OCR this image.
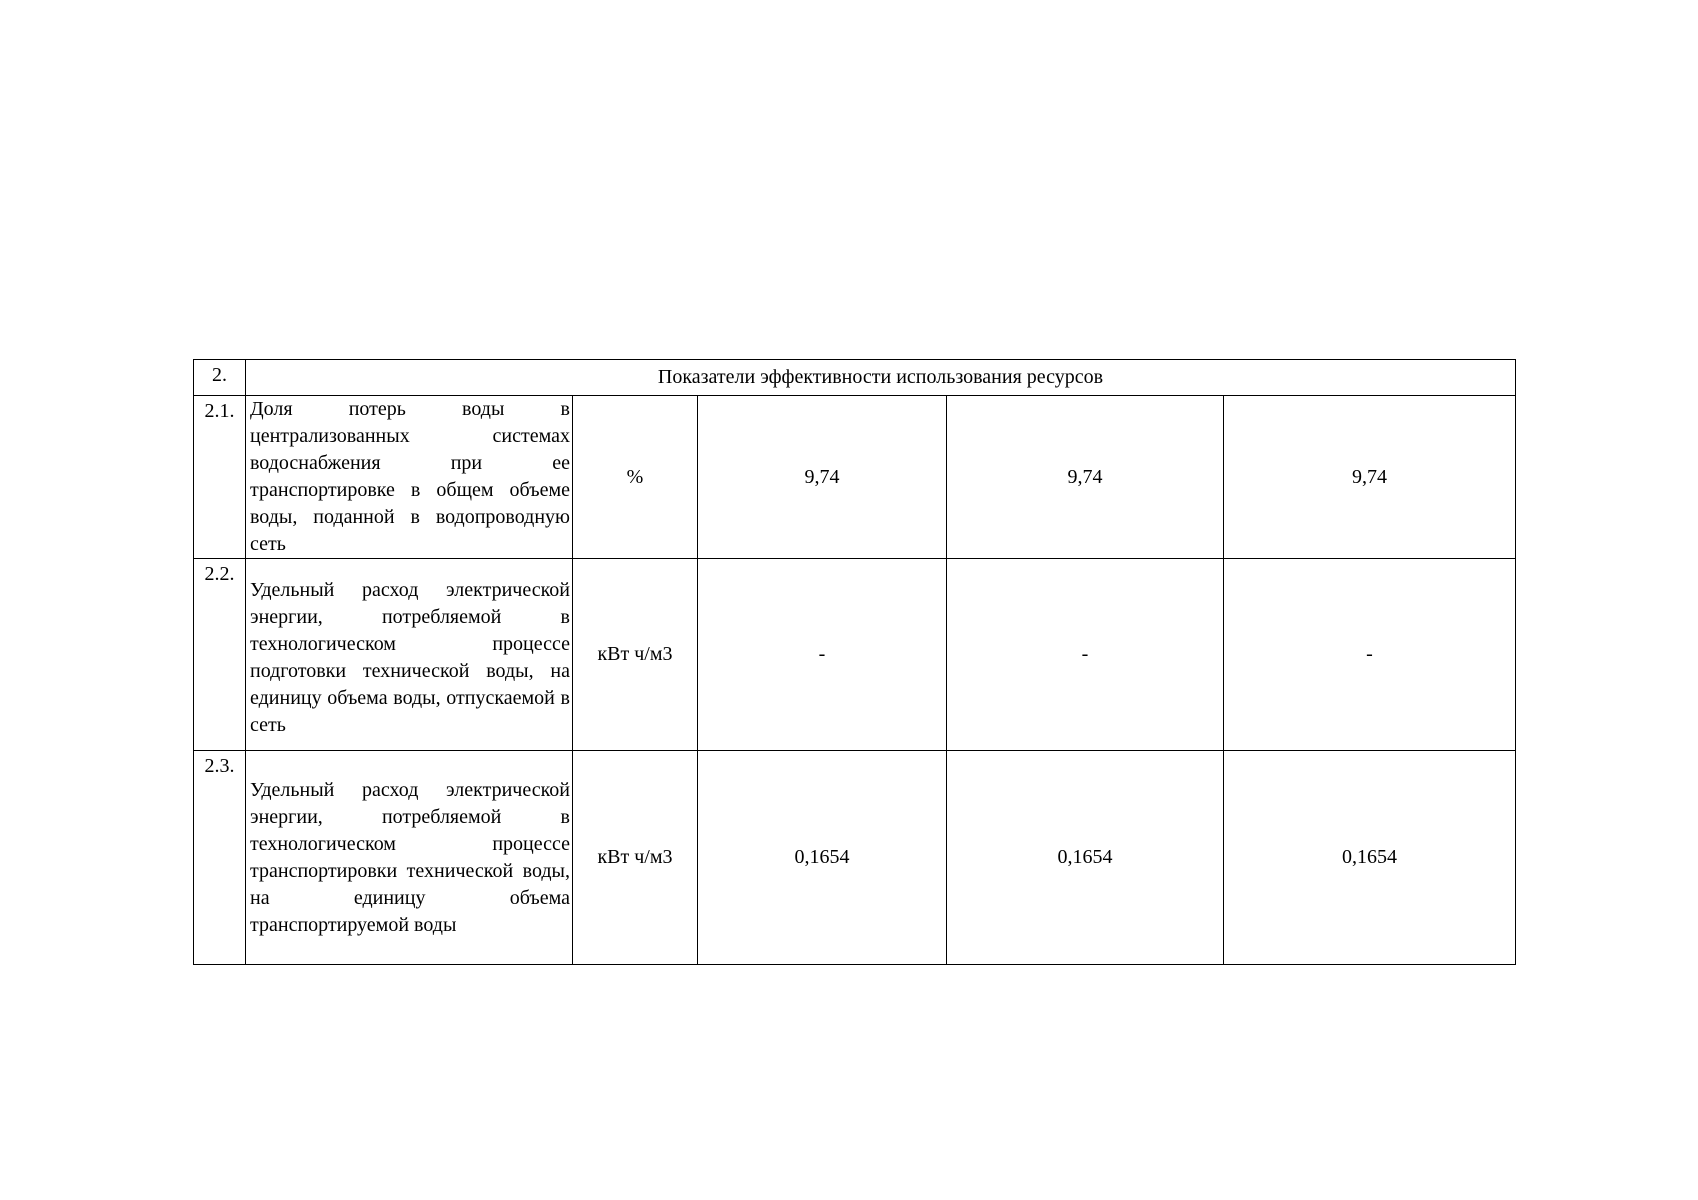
2.	Показатели эффективности использования ресурсов				
2.1.	Доля потерь воды в централизованных системах водоснабжения при ее транспортировке в общем объеме воды, поданной в водопроводную сеть	%	9,74	9,74	9,74
2.2.	Удельный расход электрической энергии, потребляемой в технологическом процессе подготовки технической воды, на единицу объема воды, отпускаемой в сеть	кВт ч/м3	-	-	-
2.3.	Удельный расход электрической энергии, потребляемой в технологическом процессе транспортировки технической воды, на единицу объема транспортируемой воды	кВт ч/м3	0,1654	0,1654	0,1654
